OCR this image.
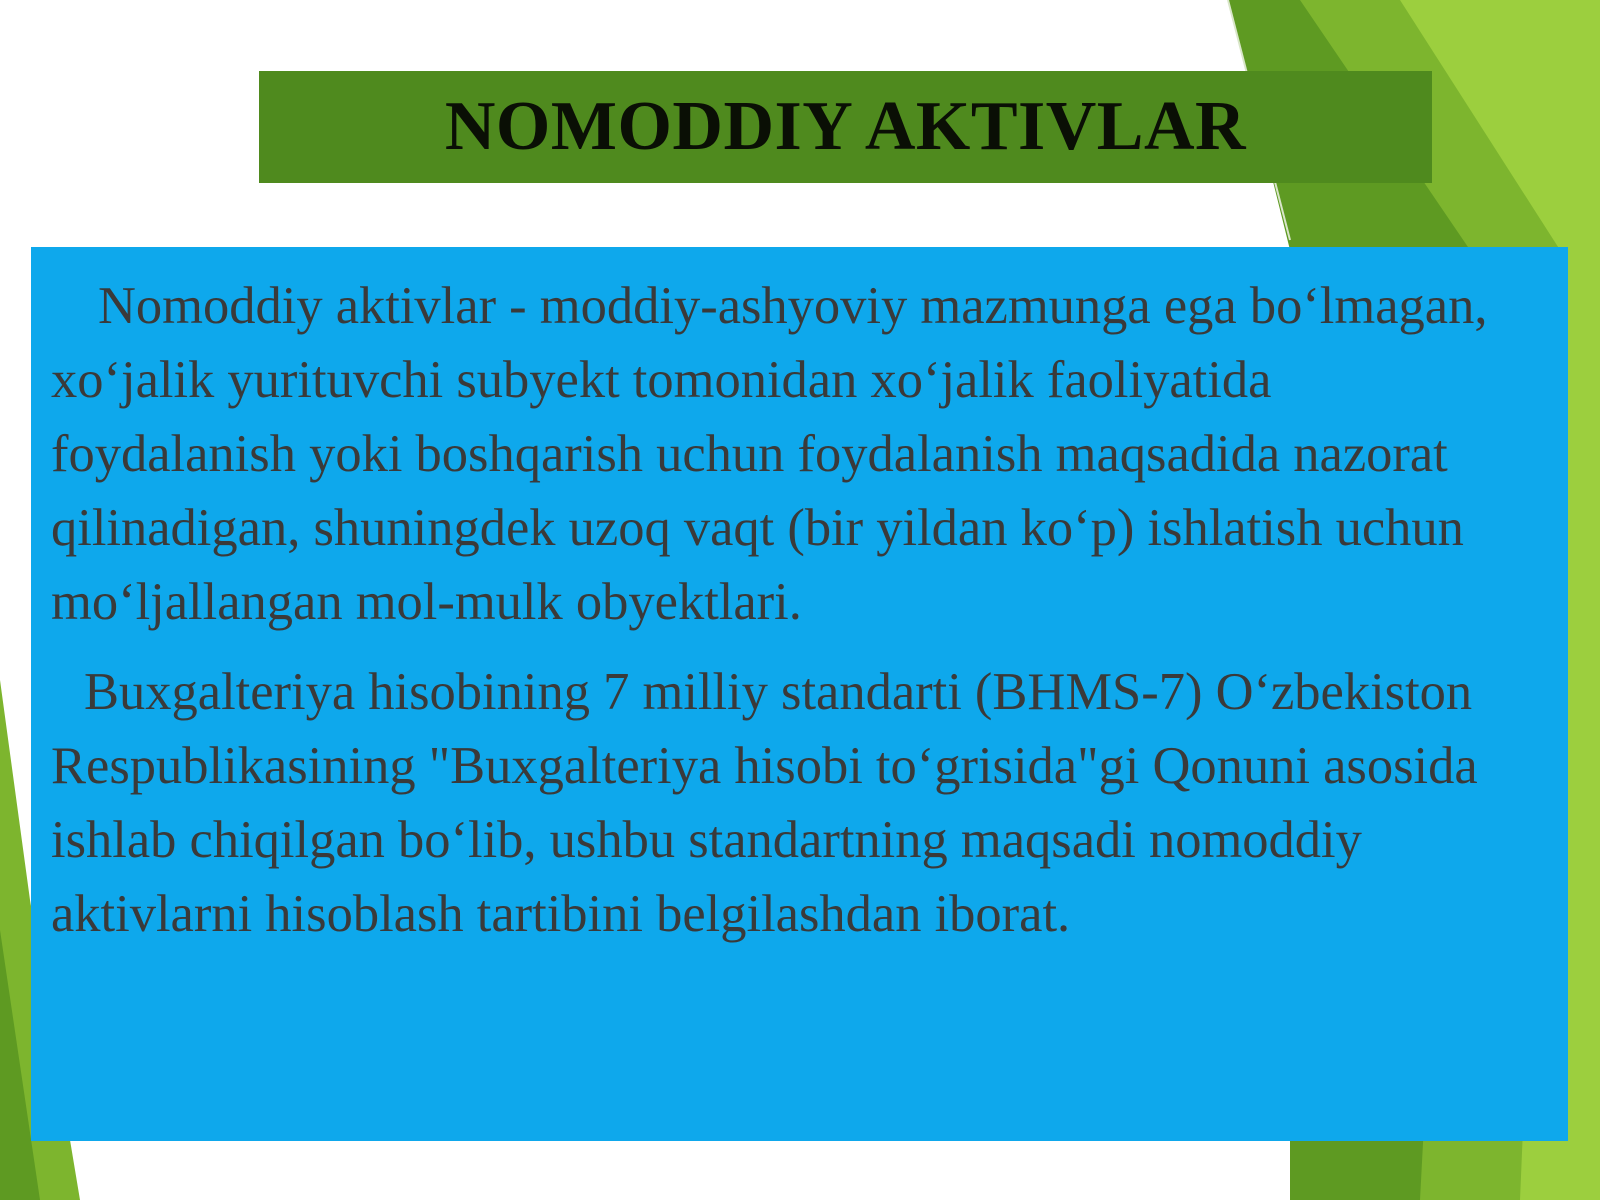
NOMODDIY AKTIVLAR

Nomoddiy aktivlar - moddiy-ashyoviy mazmunga ega bo‘lmagan, xo‘jalik yurituvchi subyekt tomonidan xo‘jalik faoliyatida foydalanish yoki boshqarish uchun foydalanish maqsadida nazorat qilinadigan, shuningdek uzoq vaqt (bir yildan ko‘p) ishlatish uchun mo‘ljallangan mol-mulk obyektlari.

Buxgalteriya hisobining 7 milliy standarti (BHMS-7) O‘zbekiston Respublikasining "Buxgalteriya hisobi to‘grisida"gi Qonuni asosida ishlab chiqilgan bo‘lib, ushbu standartning maqsadi nomoddiy aktivlarni hisoblash tartibini belgilashdan iborat.
